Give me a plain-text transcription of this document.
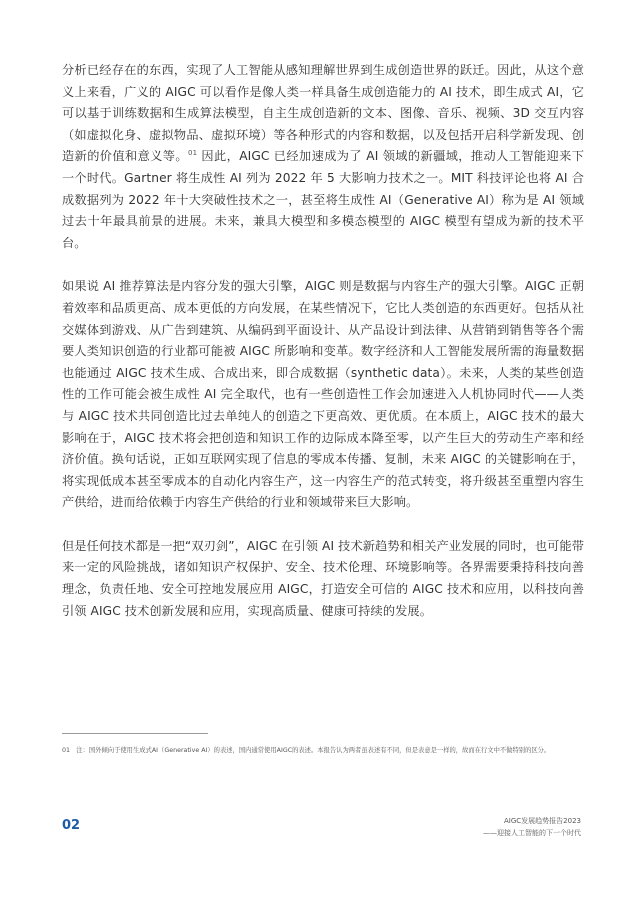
分析已经存在的东西，实现了人工智能从感知理解世界到生成创造世界的跃迁。因此，从这个意义上来看，广义的 AIGC 可以看作是像人类一样具备生成创造能力的 AI 技术，即生成式 AI，它可以基于训练数据和生成算法模型，自主生成创造新的文本、图像、音乐、视频、3D 交互内容（如虚拟化身、虚拟物品、虚拟环境）等各种形式的内容和数据，以及包括开启科学新发现、创造新的价值和意义等。$^{01}$ 因此，AIGC 已经加速成为了 AI 领域的新疆域，推动人工智能迎来下一个时代。Gartner 将生成性 AI 列为 2022 年 5 大影响力技术之一。MIT 科技评论也将 AI 合成数据列为 2022 年十大突破性技术之一，甚至将生成性 AI（Generative AI）称为是 AI 领域过去十年最具前景的进展。未来，兼具大模型和多模态模型的 AIGC 模型有望成为新的技术平台。

如果说 AI 推荐算法是内容分发的强大引擎，AIGC 则是数据与内容生产的强大引擎。AIGC 正朝着效率和品质更高、成本更低的方向发展，在某些情况下，它比人类创造的东西更好。包括从社交媒体到游戏、从广告到建筑、从编码到平面设计、从产品设计到法律、从营销到销售等各个需要人类知识创造的行业都可能被 AIGC 所影响和变革。数字经济和人工智能发展所需的海量数据也能通过 AIGC 技术生成、合成出来，即合成数据（synthetic data）。未来，人类的某些创造性的工作可能会被生成性 AI 完全取代，也有一些创造性工作会加速进入人机协同时代——人类与 AIGC 技术共同创造比过去单纯人的创造之下更高效、更优质。在本质上，AIGC 技术的最大影响在于，AIGC 技术将会把创造和知识工作的边际成本降至零，以产生巨大的劳动生产率和经济价值。换句话说，正如互联网实现了信息的零成本传播、复制，未来 AIGC 的关键影响在于，将实现低成本甚至零成本的自动化内容生产，这一内容生产的范式转变，将升级甚至重塑内容生产供给，进而给依赖于内容生产供给的行业和领域带来巨大影响。

但是任何技术都是一把“双刃剑”，AIGC 在引领 AI 技术新趋势和相关产业发展的同时，也可能带来一定的风险挑战，诸如知识产权保护、安全、技术伦理、环境影响等。各界需要秉持科技向善理念，负责任地、安全可控地发展应用 AIGC，打造安全可信的 AIGC 技术和应用，以科技向善引领 AIGC 技术创新发展和应用，实现高质量、健康可持续的发展。

01　注：国外倾向于使用生成式AI（Generative AI）的表述，国内通常使用AIGC的表述。本报告认为两者虽表述有不同，但是表意是一样的，故而在行文中不做特别的区分。

02	AIGC发展趋势报告2023
——迎接人工智能的下一个时代
